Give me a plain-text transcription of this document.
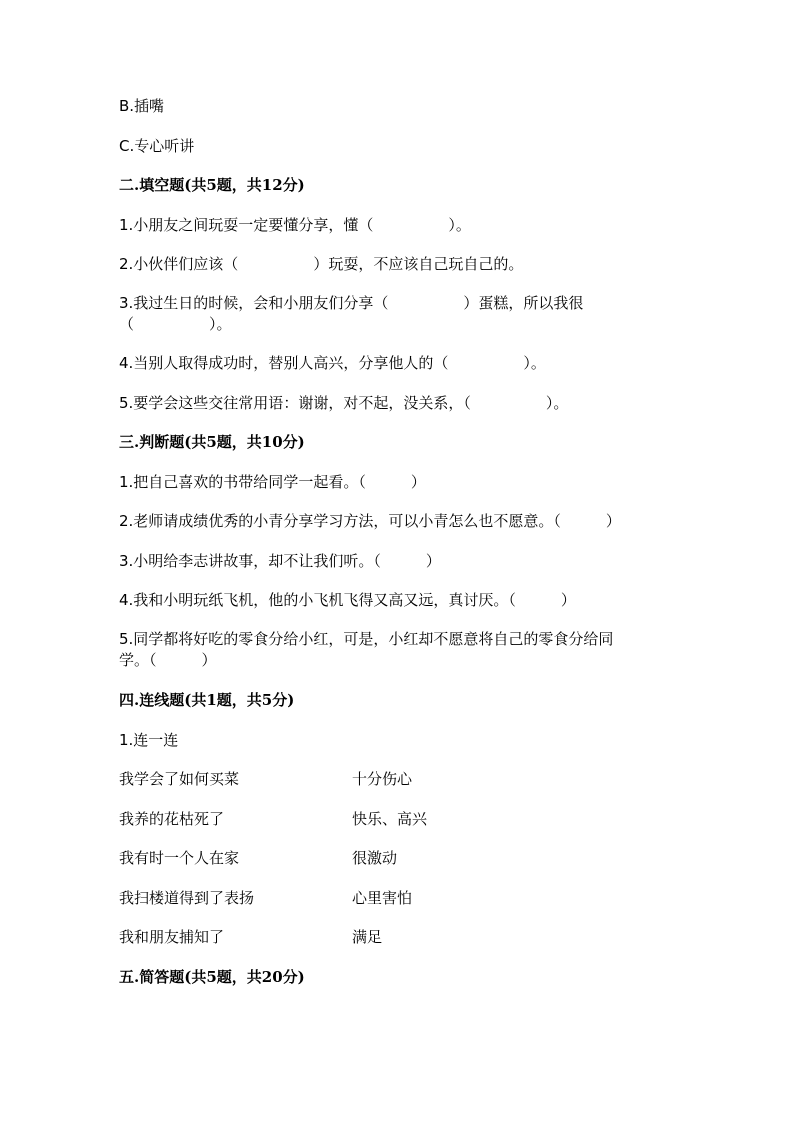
B.插嘴
C.专心听讲
二.填空题(共5题，共12分)
1.小朋友之间玩耍一定要懂分享，懂（　　　　　）。
2.小伙伴们应该（　　　　　）玩耍，不应该自己玩自己的。
3.我过生日的时候，会和小朋友们分享（　　　　　）蛋糕，所以我很
（　　　　　）。
4.当别人取得成功时，替别人高兴，分享他人的（　　　　　）。
5.要学会这些交往常用语：谢谢，对不起，没关系，（　　　　　）。
三.判断题(共5题，共10分)
1.把自己喜欢的书带给同学一起看。（　　　）
2.老师请成绩优秀的小青分享学习方法，可以小青怎么也不愿意。（　　　）
3.小明给李志讲故事，却不让我们听。（　　　）
4.我和小明玩纸飞机，他的小飞机飞得又高又远，真讨厌。（　　　）
5.同学都将好吃的零食分给小红，可是，小红却不愿意将自己的零食分给同
学。（　　　）
四.连线题(共1题，共5分)
1.连一连
我学会了如何买菜	十分伤心
我养的花枯死了	快乐、高兴
我有时一个人在家	很激动
我扫楼道得到了表扬	心里害怕
我和朋友捕知了	满足
五.简答题(共5题，共20分)
